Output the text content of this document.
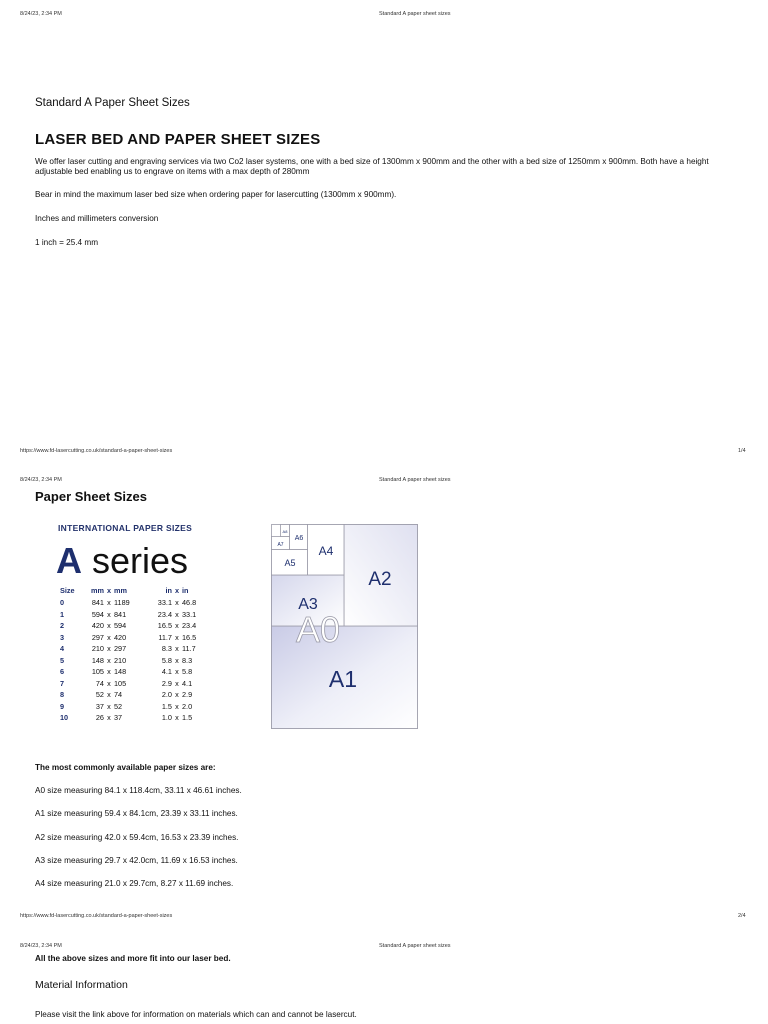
8/24/23, 2:34 PM	Standard A paper sheet sizes
Standard A Paper Sheet Sizes
LASER BED AND PAPER SHEET SIZES
We offer laser cutting and engraving services via two Co2 laser systems, one with a bed size of 1300mm x 900mm and the other with a bed size of 1250mm x 900mm. Both have a height adjustable bed enabling us to engrave on items with a max depth of 280mm
Bear in mind the maximum laser bed size when ordering paper for lasercutting (1300mm x 900mm).
Inches and millimeters conversion
1 inch = 25.4 mm
https://www.fd-lasercutting.co.uk/standard-a-paper-sheet-sizes	1/4
8/24/23, 2:34 PM	Standard A paper sheet sizes
Paper Sheet Sizes
INTERNATIONAL PAPER SIZES
A series
Size	mm	x	mm	in	x	in
0	841	x	1189	33.1	x	46.8
1	594	x	841	23.4	x	33.1
2	420	x	594	16.5	x	23.4
3	297	x	420	11.7	x	16.5
4	210	x	297	8.3	x	11.7
5	148	x	210	5.8	x	8.3
6	105	x	148	4.1	x	5.8
7	74	x	105	2.9	x	4.1
8	52	x	74	2.0	x	2.9
9	37	x	52	1.5	x	2.0
10	26	x	37	1.0	x	1.5
A0
A1
A2
A3
A4
A5
A6
A7
A8
The most commonly available paper sizes are:
A0 size measuring 84.1 x 118.4cm, 33.11 x 46.61 inches.
A1 size measuring 59.4 x 84.1cm, 23.39 x 33.11 inches.
A2 size measuring 42.0 x 59.4cm, 16.53 x 23.39 inches.
A3 size measuring 29.7 x 42.0cm, 11.69 x 16.53 inches.
A4 size measuring 21.0 x 29.7cm, 8.27 x 11.69 inches.
https://www.fd-lasercutting.co.uk/standard-a-paper-sheet-sizes	2/4
8/24/23, 2:34 PM	Standard A paper sheet sizes
All the above sizes and more fit into our laser bed.
Material Information
Please visit the link above for information on materials which can and cannot be lasercut.
